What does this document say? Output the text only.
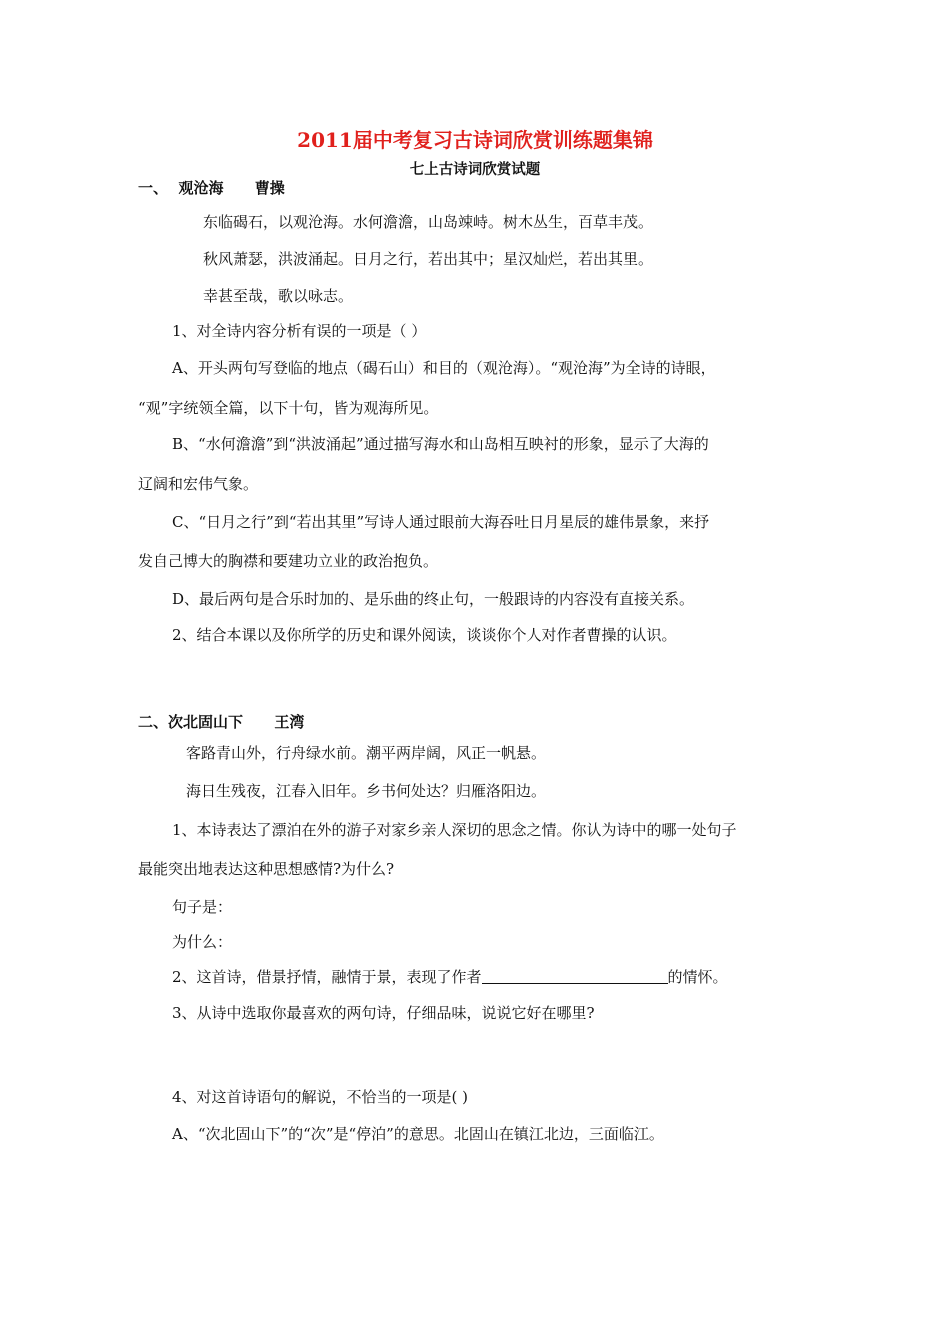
2011届中考复习古诗词欣赏训练题集锦
七上古诗词欣赏试题
一、  观沧海      曹操
东临碣石，以观沧海。水何澹澹，山岛竦峙。树木丛生，百草丰茂。
秋风萧瑟，洪波涌起。日月之行，若出其中；星汉灿烂，若出其里。
幸甚至哉，歌以咏志。
1、对全诗内容分析有误的一项是（ ）
A、开头两句写登临的地点（碣石山）和目的（观沧海）。“观沧海”为全诗的诗眼，
“观”字统领全篇，以下十句，皆为观海所见。
B、“水何澹澹”到“洪波涌起”通过描写海水和山岛相互映衬的形象，显示了大海的
辽阔和宏伟气象。
C、“日月之行”到“若出其里”写诗人通过眼前大海吞吐日月星辰的雄伟景象，来抒
发自己博大的胸襟和要建功立业的政治抱负。
D、最后两句是合乐时加的、是乐曲的终止句，一般跟诗的内容没有直接关系。
2、结合本课以及你所学的历史和课外阅读，谈谈你个人对作者曹操的认识。
二、次北固山下      王湾
客路青山外，行舟绿水前。潮平两岸阔，风正一帆悬。
海日生残夜，江春入旧年。乡书何处达？归雁洛阳边。
1、本诗表达了漂泊在外的游子对家乡亲人深切的思念之情。你认为诗中的哪一处句子
最能突出地表达这种思想感情?为什么?
句子是：
为什么：
2、这首诗，借景抒情，融情于景，表现了作者	的情怀。
3、从诗中选取你最喜欢的两句诗，仔细品味，说说它好在哪里?
4、对这首诗语句的解说，不恰当的一项是( )
A、“次北固山下”的“次”是“停泊”的意思。北固山在镇江北边，三面临江。
